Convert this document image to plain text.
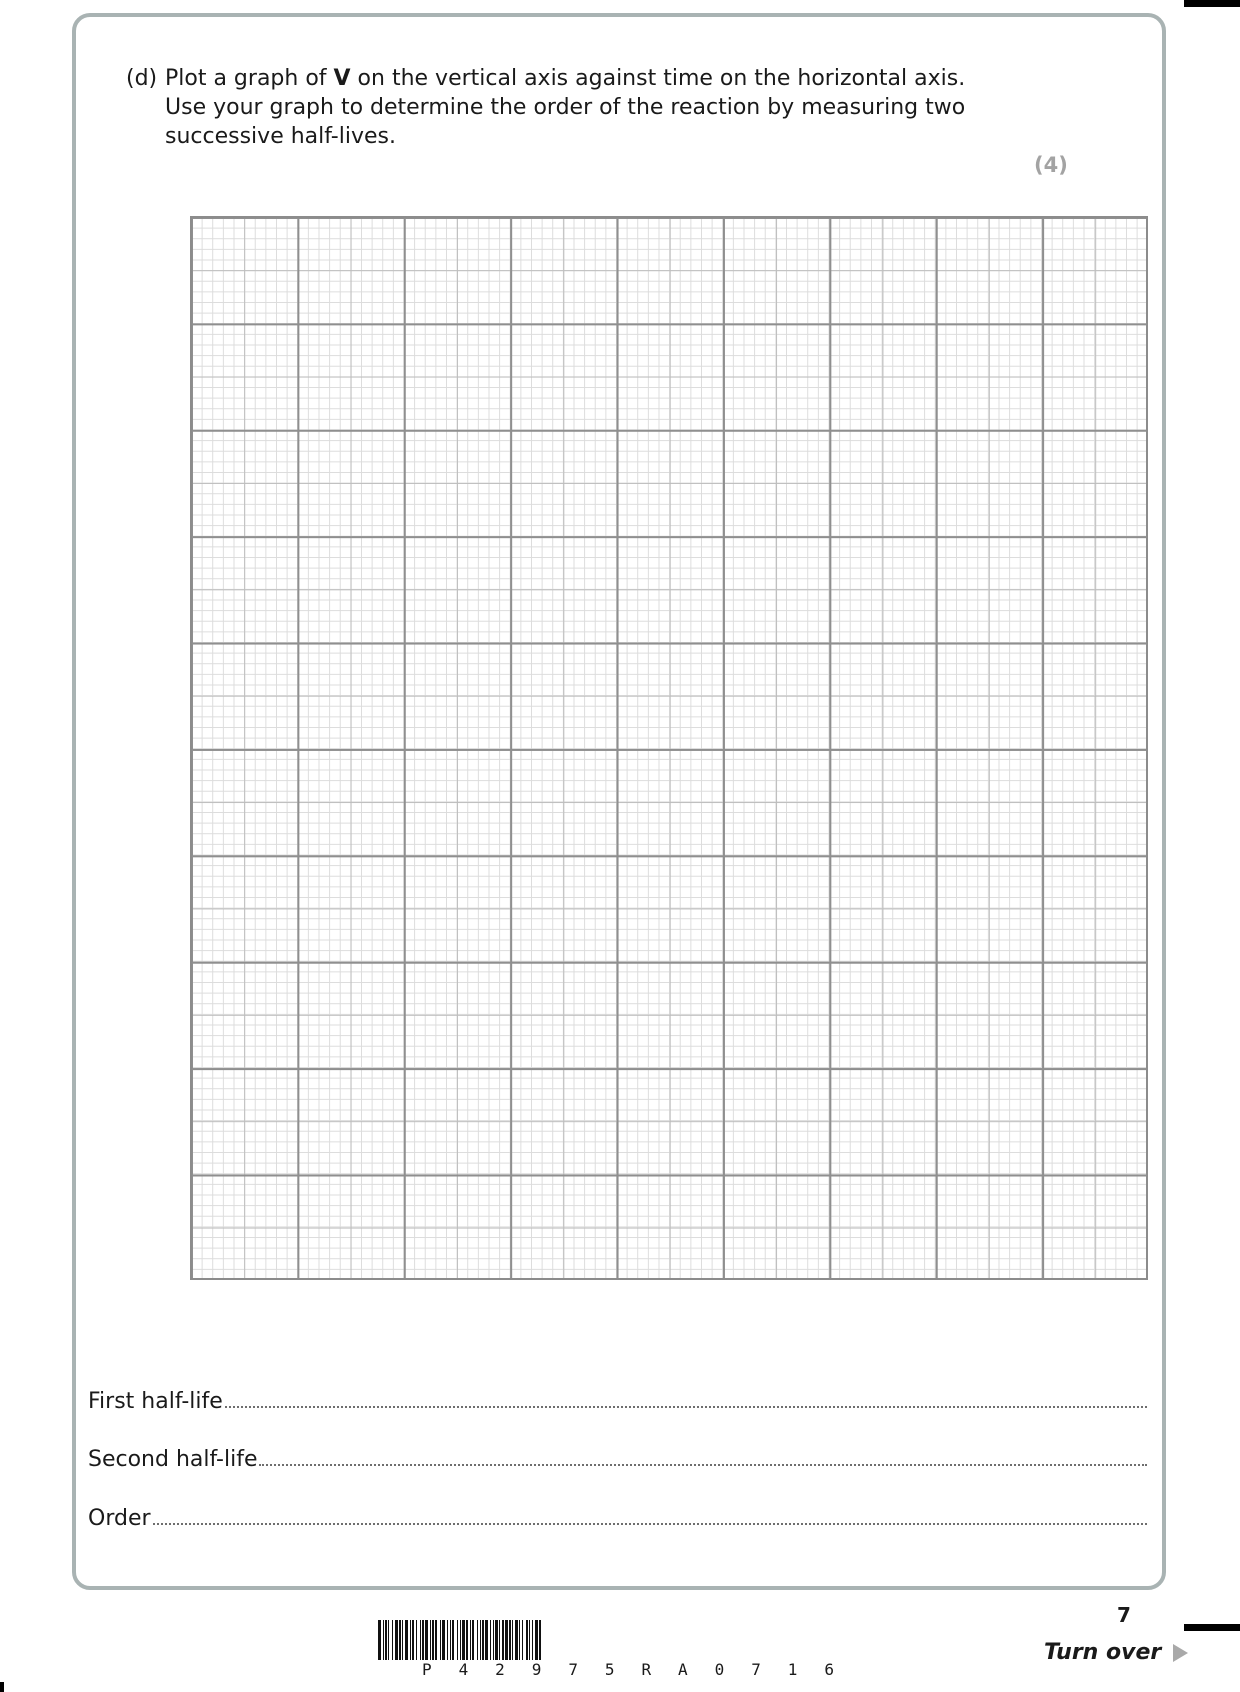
(d) Plot a graph of V on the vertical axis against time on the horizontal axis. Use your graph to determine the order of the reaction by measuring two successive half-lives.
(4)
First half-life
Second half-life
Order
7
Turn over
P 4 2 9 7 5 R A 0 7 1 6
